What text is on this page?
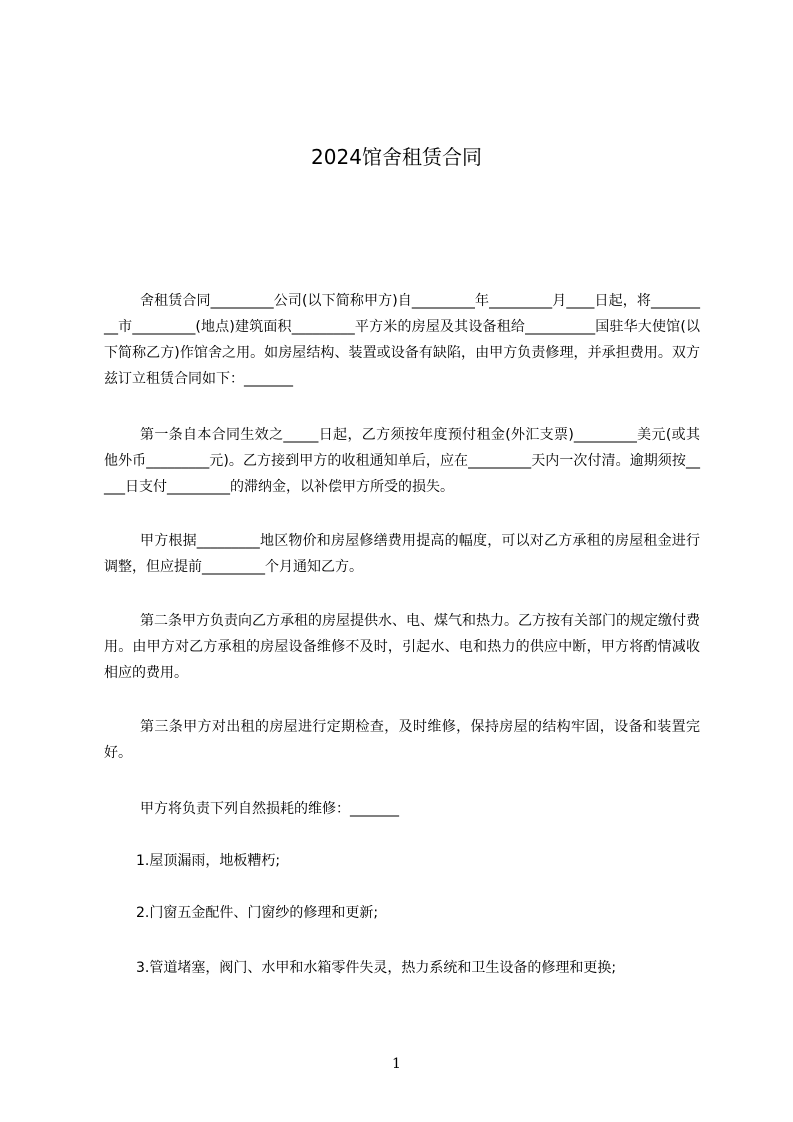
2024馆舍租赁合同

舍租赁合同_________公司(以下简称甲方)自_________年_________月____日起，将_________市_________(地点)建筑面积_________平方米的房屋及其设备租给__________国驻华大使馆(以下简称乙方)作馆舍之用。如房屋结构、装置或设备有缺陷，由甲方负责修理，并承担费用。双方兹订立租赁合同如下：_______

第一条自本合同生效之_____日起，乙方须按年度预付租金(外汇支票)_________美元(或其他外币_________元)。乙方接到甲方的收租通知单后，应在_________天内一次付清。逾期须按_____日支付_________的滞纳金，以补偿甲方所受的损失。

甲方根据_________地区物价和房屋修缮费用提高的幅度，可以对乙方承租的房屋租金进行调整，但应提前_________个月通知乙方。

第二条甲方负责向乙方承租的房屋提供水、电、煤气和热力。乙方按有关部门的规定缴付费用。由甲方对乙方承租的房屋设备维修不及时，引起水、电和热力的供应中断，甲方将酌情减收相应的费用。

第三条甲方对出租的房屋进行定期检查，及时维修，保持房屋的结构牢固，设备和装置完好。

甲方将负责下列自然损耗的维修：_______

1.屋顶漏雨，地板糟朽;

2.门窗五金配件、门窗纱的修理和更新;

3.管道堵塞，阀门、水甲和水箱零件失灵，热力系统和卫生设备的修理和更换;

1
